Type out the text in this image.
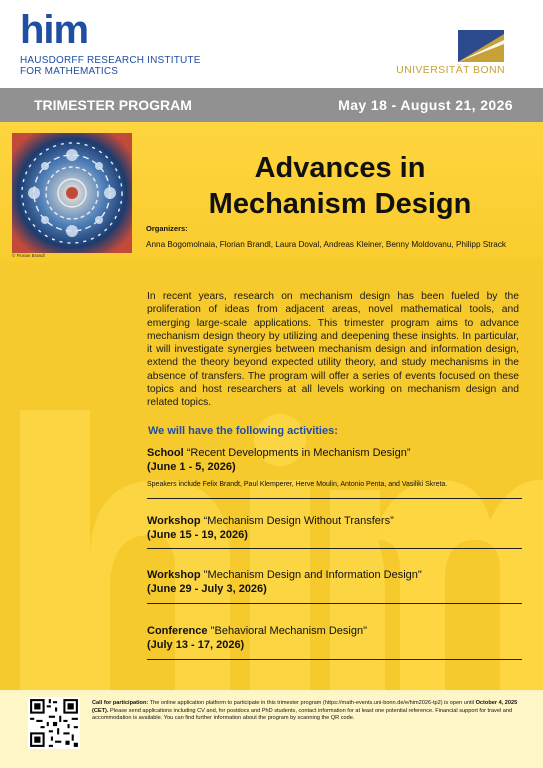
him
HAUSDORFF RESEARCH INSTITUTE
FOR MATHEMATICS	UNIVERSITÄT BONN
TRIMESTER PROGRAM	May 18 - August 21, 2026
© Florian Brandl
Advances in
Mechanism Design
Organizers:
Anna Bogomolnaia, Florian Brandl, Laura Doval, Andreas Kleiner, Benny Moldovanu, Philipp Strack
In recent years, research on mechanism design has been fueled by the proliferation of ideas from adjacent areas, novel mathematical tools, and emerging large-scale applications. This trimester program aims to advance mechanism design theory by utilizing and deepening these insights. In particular, it will investigate synergies between mechanism design and information design, extend the theory beyond expected utility theory, and study mechanisms in the absence of transfers. The program will offer a series of events focused on these topics and host researchers at all levels working on mechanism design and related topics.
We will have the following activities:
School “Recent Developments in Mechanism Design”
(June 1 - 5, 2026)
Speakers include Felix Brandt, Paul Klemperer, Herve Moulin, Antonio Penta, and Vasiliki Skreta.
Workshop “Mechanism Design Without Transfers”
(June 15 - 19, 2026)
Workshop "Mechanism Design and Information Design"
(June 29 - July 3, 2026)
Conference "Behavioral Mechanism Design"
(July 13 - 17, 2026)
Call for participation: The online application platform to participate in this trimester program (https://math-events.uni-bonn.de/e/him2026-tp2) is open until October 4, 2025 (CET). Please send applications including CV and, for postdocs and PhD students, contact information for at least one potential reference. Financial support for travel and accommodation is available. You can find further information about the program by scanning the QR code.
